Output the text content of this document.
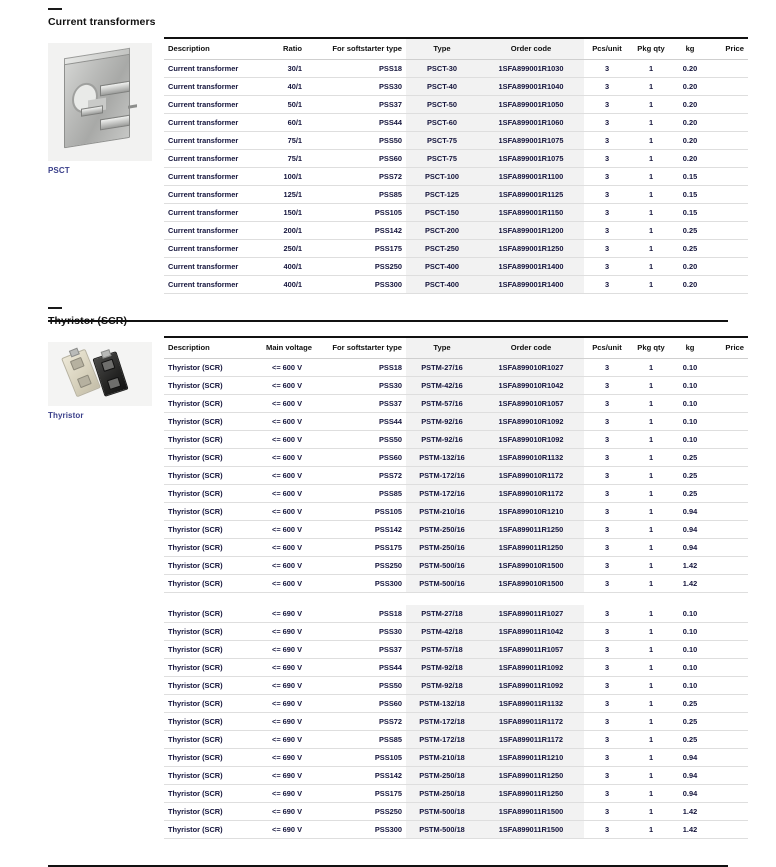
Current transformers
PSCT
Description	Ratio	For softstarter type	Type	Order code	Pcs/unit	Pkg qty	kg	Price
Current transformer	30/1	PSS18	PSCT-30	1SFA899001R1030	3	1	0.20	
Current transformer	40/1	PSS30	PSCT-40	1SFA899001R1040	3	1	0.20	
Current transformer	50/1	PSS37	PSCT-50	1SFA899001R1050	3	1	0.20	
Current transformer	60/1	PSS44	PSCT-60	1SFA899001R1060	3	1	0.20	
Current transformer	75/1	PSS50	PSCT-75	1SFA899001R1075	3	1	0.20	
Current transformer	75/1	PSS60	PSCT-75	1SFA899001R1075	3	1	0.20	
Current transformer	100/1	PSS72	PSCT-100	1SFA899001R1100	3	1	0.15	
Current transformer	125/1	PSS85	PSCT-125	1SFA899001R1125	3	1	0.15	
Current transformer	150/1	PSS105	PSCT-150	1SFA899001R1150	3	1	0.15	
Current transformer	200/1	PSS142	PSCT-200	1SFA899001R1200	3	1	0.25	
Current transformer	250/1	PSS175	PSCT-250	1SFA899001R1250	3	1	0.25	
Current transformer	400/1	PSS250	PSCT-400	1SFA899001R1400	3	1	0.20	
Current transformer	400/1	PSS300	PSCT-400	1SFA899001R1400	3	1	0.20	
Thyristor (SCR)
Thyristor
Description	Main voltage	For softstarter type	Type	Order code	Pcs/unit	Pkg qty	kg	Price
Thyristor (SCR)	<= 600 V	PSS18	PSTM-27/16	1SFA899010R1027	3	1	0.10	
Thyristor (SCR)	<= 600 V	PSS30	PSTM-42/16	1SFA899010R1042	3	1	0.10	
Thyristor (SCR)	<= 600 V	PSS37	PSTM-57/16	1SFA899010R1057	3	1	0.10	
Thyristor (SCR)	<= 600 V	PSS44	PSTM-92/16	1SFA899010R1092	3	1	0.10	
Thyristor (SCR)	<= 600 V	PSS50	PSTM-92/16	1SFA899010R1092	3	1	0.10	
Thyristor (SCR)	<= 600 V	PSS60	PSTM-132/16	1SFA899010R1132	3	1	0.25	
Thyristor (SCR)	<= 600 V	PSS72	PSTM-172/16	1SFA899010R1172	3	1	0.25	
Thyristor (SCR)	<= 600 V	PSS85	PSTM-172/16	1SFA899010R1172	3	1	0.25	
Thyristor (SCR)	<= 600 V	PSS105	PSTM-210/16	1SFA899010R1210	3	1	0.94	
Thyristor (SCR)	<= 600 V	PSS142	PSTM-250/16	1SFA899011R1250	3	1	0.94	
Thyristor (SCR)	<= 600 V	PSS175	PSTM-250/16	1SFA899011R1250	3	1	0.94	
Thyristor (SCR)	<= 600 V	PSS250	PSTM-500/16	1SFA899010R1500	3	1	1.42	
Thyristor (SCR)	<= 600 V	PSS300	PSTM-500/16	1SFA899010R1500	3	1	1.42	

Thyristor (SCR)	<= 690 V	PSS18	PSTM-27/18	1SFA899011R1027	3	1	0.10	
Thyristor (SCR)	<= 690 V	PSS30	PSTM-42/18	1SFA899011R1042	3	1	0.10	
Thyristor (SCR)	<= 690 V	PSS37	PSTM-57/18	1SFA899011R1057	3	1	0.10	
Thyristor (SCR)	<= 690 V	PSS44	PSTM-92/18	1SFA899011R1092	3	1	0.10	
Thyristor (SCR)	<= 690 V	PSS50	PSTM-92/18	1SFA899011R1092	3	1	0.10	
Thyristor (SCR)	<= 690 V	PSS60	PSTM-132/18	1SFA899011R1132	3	1	0.25	
Thyristor (SCR)	<= 690 V	PSS72	PSTM-172/18	1SFA899011R1172	3	1	0.25	
Thyristor (SCR)	<= 690 V	PSS85	PSTM-172/18	1SFA899011R1172	3	1	0.25	
Thyristor (SCR)	<= 690 V	PSS105	PSTM-210/18	1SFA899011R1210	3	1	0.94	
Thyristor (SCR)	<= 690 V	PSS142	PSTM-250/18	1SFA899011R1250	3	1	0.94	
Thyristor (SCR)	<= 690 V	PSS175	PSTM-250/18	1SFA899011R1250	3	1	0.94	
Thyristor (SCR)	<= 690 V	PSS250	PSTM-500/18	1SFA899011R1500	3	1	1.42	
Thyristor (SCR)	<= 690 V	PSS300	PSTM-500/18	1SFA899011R1500	3	1	1.42	
